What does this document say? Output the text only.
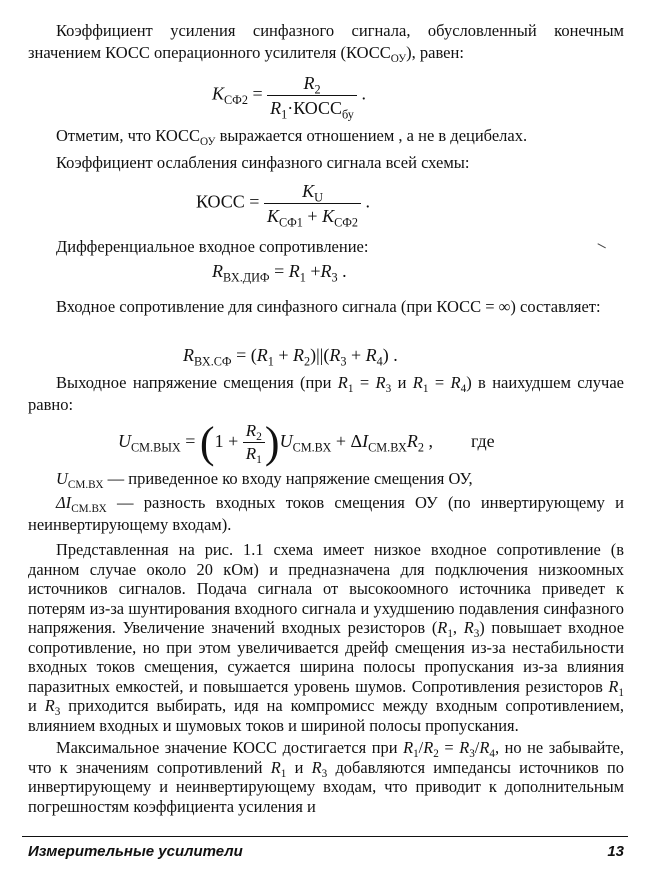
Коэффициент усиления синфазного сигнала, обусловленный конечным значением КОСС операционного усилителя $(КОСС_{ОУ})$, равен:

$K_{СФ2} = \frac{R_2}{R_1\cdot КОСС_{бу}}$ .

Отметим, что $КОСС_{ОУ}$ выражается отношением , а не в децибелах.

Коэффициент ослабления синфазного сигнала всей схемы:

КОСС = $\frac{K_U}{K_{СФ1} + K_{СФ2}}$ .

Дифференциальное входное сопротивление:

$R_{ВХ.ДИФ} = R_1 +R_3$ .

Входное сопротивление для синфазного сигнала (при КОСС = ∞) составляет:

$R_{ВХ.СФ} = (R_1 + R_2)||(R_3 + R_4)$ .

Выходное напряжение смещения (при $R_1 = R_3$ и $R_1 = R_4$) в наихудшем случае равно:

$U_{СМ.ВЫХ} = (1 + \frac{R_2}{R_1} )U_{СМ.ВХ} + \Delta I_{СМ.ВХ}R_2$ , где

$U_{СМ.ВХ}$ — приведенное ко входу напряжение смещения ОУ,

$\Delta I_{СМ.ВХ}$ — разность входных токов смещения ОУ (по инвертирующему и неинвертирующему входам).

Представленная на рис. 1.1 схема имеет низкое входное сопротивление (в данном случае около 20 кОм) и предназначена для подключения низкоомных источников сигналов. Подача сигнала от высокоомного источника приведет к потерям из-за шунтирования входного сигнала и ухудшению подавления синфазного напряжения. Увеличение значений входных резисторов ($R_1$, $R_3$) повышает входное сопротивление, но при этом увеличивается дрейф смещения из-за нестабильности входных токов смещения, сужается ширина полосы пропускания из-за влияния паразитных емкостей, и повышается уровень шумов. Сопротивления резисторов $R_1$ и $R_3$ приходится выбирать, идя на компромисс между входным сопротивлением, влиянием входных и шумовых токов и шириной полосы пропускания.

Максимальное значение КОСС достигается при $R_1/R_2 = R_3/R_4$, но не забывайте, что к значениям сопротивлений $R_1$ и $R_3$ добавляются импедансы источников по инвертирующему и неинвертирующему входам, что приводит к дополнительным погрешностям коэффициента усиления и

Измерительные усилители	13
